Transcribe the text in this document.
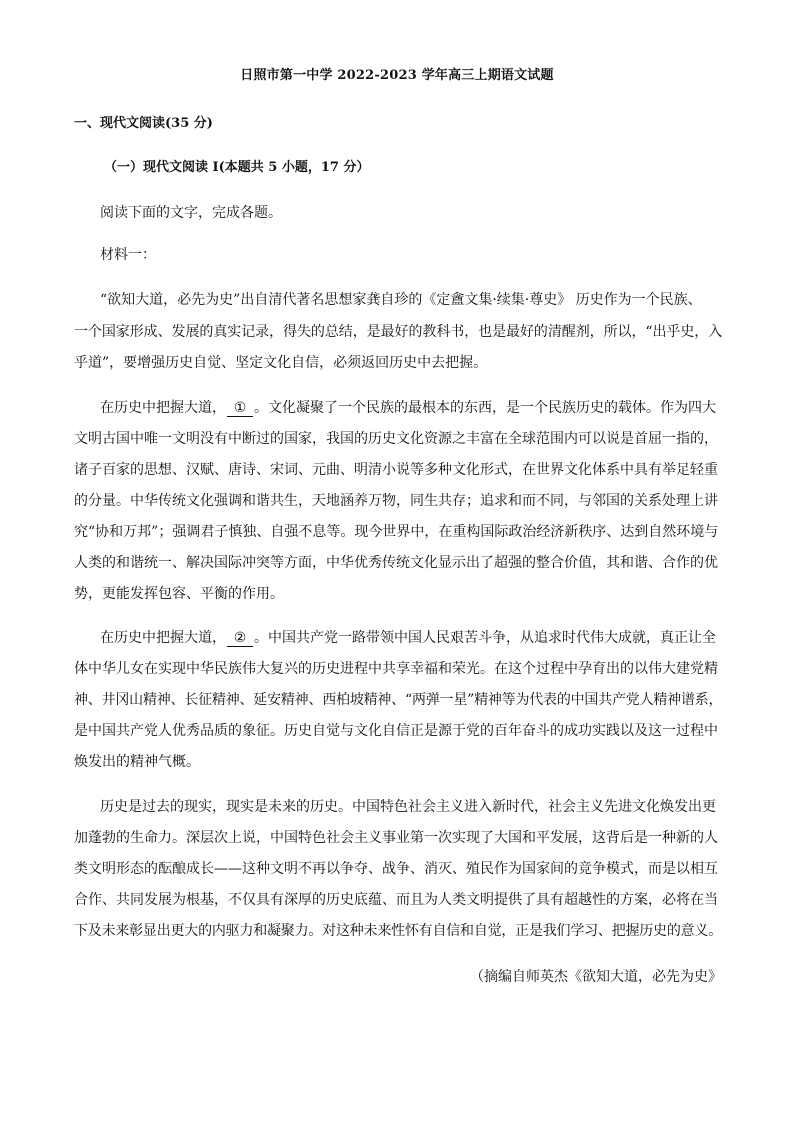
日照市第一中学 2022-2023 学年高三上期语文试题
一、现代文阅读(35 分)
（一）现代文阅读 I(本题共 5 小题，17 分）
阅读下面的文字，完成各题。
材料一：
“欲知大道，必先为史”出自清代著名思想家龚自珍的《定盦文集·续集·尊史》 历史作为一个民族、
一个国家形成、发展的真实记录，得失的总结，是最好的教科书，也是最好的清醒剂，所以，“出乎史，入
乎道”，要增强历史自觉、坚定文化自信，必须返回历史中去把握。
在历史中把握大道， ① 。文化凝聚了一个民族的最根本的东西，是一个民族历史的载体。作为四大
文明古国中唯一文明没有中断过的国家，我国的历史文化资源之丰富在全球范围内可以说是首屈一指的，
诸子百家的思想、汉赋、唐诗、宋词、元曲、明清小说等多种文化形式，在世界文化体系中具有举足轻重
的分量。中华传统文化强调和谐共生，天地涵养万物，同生共存；追求和而不同，与邻国的关系处理上讲
究“协和万邦”；强调君子慎独、自强不息等。现今世界中，在重构国际政治经济新秩序、达到自然环境与
人类的和谐统一、解决国际冲突等方面，中华优秀传统文化显示出了超强的整合价值，其和谐、合作的优
势，更能发挥包容、平衡的作用。
在历史中把握大道， ② 。中国共产党一路带领中国人民艰苦斗争，从追求时代伟大成就，真正让全
体中华儿女在实现中华民族伟大复兴的历史进程中共享幸福和荣光。在这个过程中孕育出的以伟大建党精
神、井冈山精神、长征精神、延安精神、西柏坡精神、“两弹一星”精神等为代表的中国共产党人精神谱系，
是中国共产党人优秀品质的象征。历史自觉与文化自信正是源于党的百年奋斗的成功实践以及这一过程中
焕发出的精神气概。
历史是过去的现实，现实是未来的历史。中国特色社会主义进入新时代，社会主义先进文化焕发出更
加蓬勃的生命力。深层次上说，中国特色社会主义事业第一次实现了大国和平发展，这背后是一种新的人
类文明形态的酝酿成长——这种文明不再以争夺、战争、消灭、殖民作为国家间的竞争模式，而是以相互
合作、共同发展为根基，不仅具有深厚的历史底蕴、而且为人类文明提供了具有超越性的方案，必将在当
下及未来彰显出更大的内驱力和凝聚力。对这种未来性怀有自信和自觉，正是我们学习、把握历史的意义。
（摘编自师英杰《欲知大道，必先为史》
